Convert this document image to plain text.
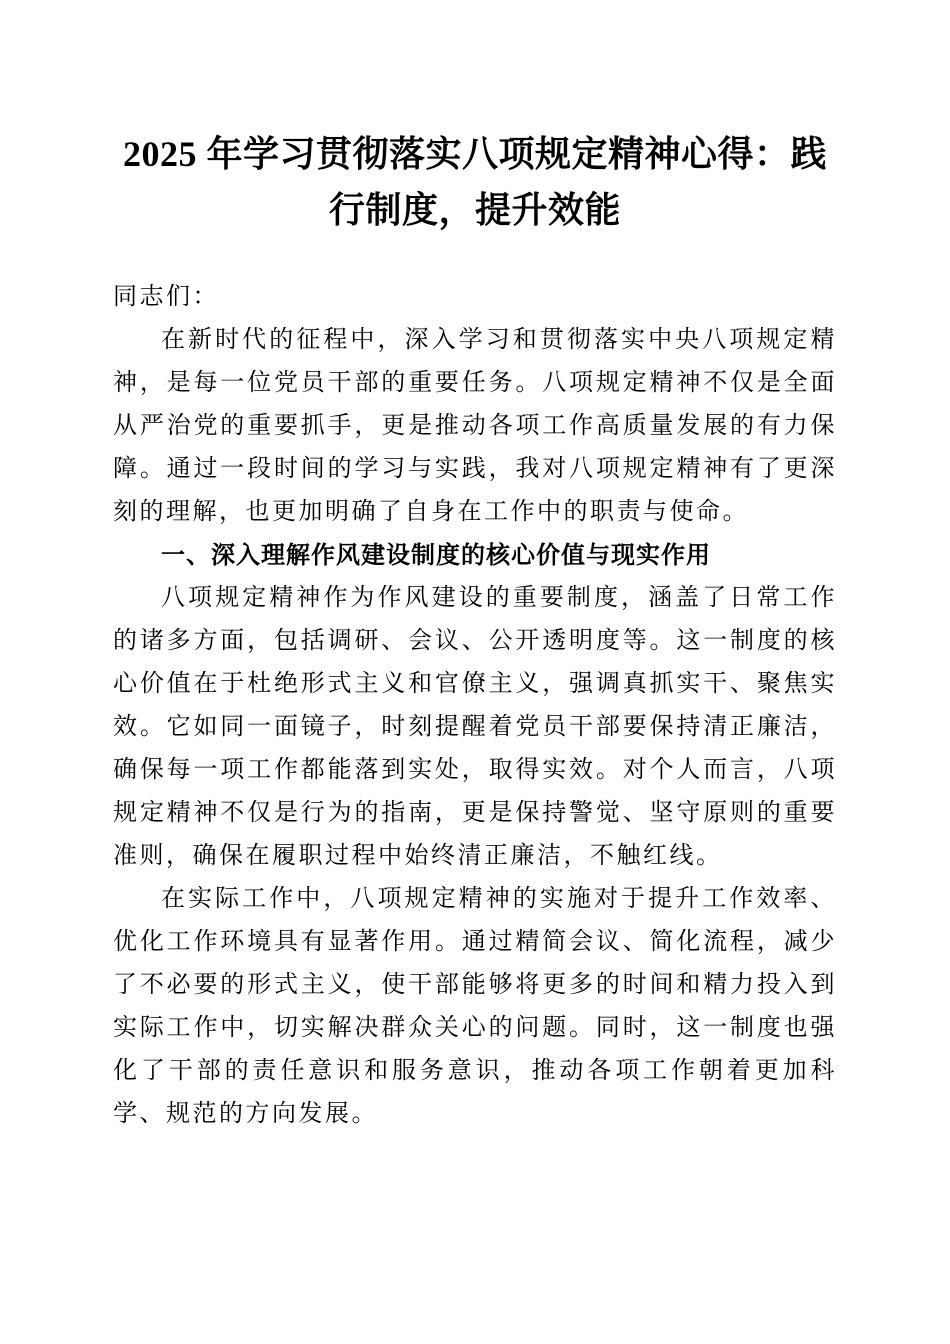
2025 年学习贯彻落实八项规定精神心得：践行制度，提升效能

同志们：

在新时代的征程中，深入学习和贯彻落实中央八项规定精神，是每一位党员干部的重要任务。八项规定精神不仅是全面从严治党的重要抓手，更是推动各项工作高质量发展的有力保障。通过一段时间的学习与实践，我对八项规定精神有了更深刻的理解，也更加明确了自身在工作中的职责与使命。

一、深入理解作风建设制度的核心价值与现实作用

八项规定精神作为作风建设的重要制度，涵盖了日常工作的诸多方面，包括调研、会议、公开透明度等。这一制度的核心价值在于杜绝形式主义和官僚主义，强调真抓实干、聚焦实效。它如同一面镜子，时刻提醒着党员干部要保持清正廉洁，确保每一项工作都能落到实处，取得实效。对个人而言，八项规定精神不仅是行为的指南，更是保持警觉、坚守原则的重要准则，确保在履职过程中始终清正廉洁，不触红线。

在实际工作中，八项规定精神的实施对于提升工作效率、优化工作环境具有显著作用。通过精简会议、简化流程，减少了不必要的形式主义，使干部能够将更多的时间和精力投入到实际工作中，切实解决群众关心的问题。同时，这一制度也强化了干部的责任意识和服务意识，推动各项工作朝着更加科学、规范的方向发展。
